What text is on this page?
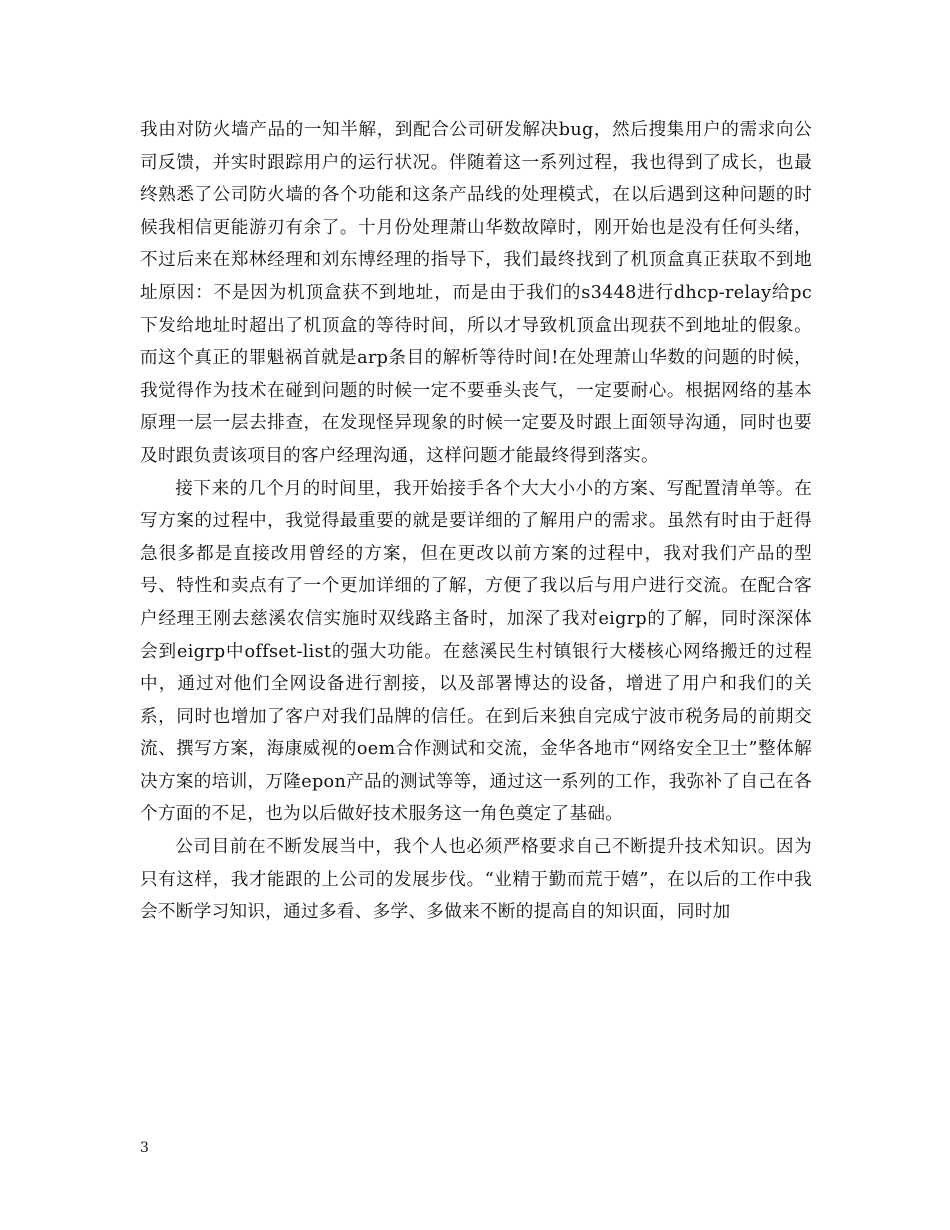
我由对防火墙产品的一知半解，到配合公司研发解决bug，然后搜集用户的需求向公司反馈，并实时跟踪用户的运行状况。伴随着这一系列过程，我也得到了成长，也最终熟悉了公司防火墙的各个功能和这条产品线的处理模式，在以后遇到这种问题的时候我相信更能游刃有余了。十月份处理萧山华数故障时，刚开始也是没有任何头绪，不过后来在郑林经理和刘东博经理的指导下，我们最终找到了机顶盒真正获取不到地址原因：不是因为机顶盒获不到地址，而是由于我们的s3448进行dhcp-relay给pc下发给地址时超出了机顶盒的等待时间，所以才导致机顶盒出现获不到地址的假象。而这个真正的罪魁祸首就是arp条目的解析等待时间!在处理萧山华数的问题的时候，我觉得作为技术在碰到问题的时候一定不要垂头丧气，一定要耐心。根据网络的基本原理一层一层去排查，在发现怪异现象的时候一定要及时跟上面领导沟通，同时也要及时跟负责该项目的客户经理沟通，这样问题才能最终得到落实。

接下来的几个月的时间里，我开始接手各个大大小小的方案、写配置清单等。在写方案的过程中，我觉得最重要的就是要详细的了解用户的需求。虽然有时由于赶得急很多都是直接改用曾经的方案，但在更改以前方案的过程中，我对我们产品的型号、特性和卖点有了一个更加详细的了解，方便了我以后与用户进行交流。在配合客户经理王刚去慈溪农信实施时双线路主备时，加深了我对eigrp的了解，同时深深体会到eigrp中offset-list的强大功能。在慈溪民生村镇银行大楼核心网络搬迁的过程中，通过对他们全网设备进行割接，以及部署博达的设备，增进了用户和我们的关系，同时也增加了客户对我们品牌的信任。在到后来独自完成宁波市税务局的前期交流、撰写方案，海康威视的oem合作测试和交流，金华各地市“网络安全卫士”整体解决方案的培训，万隆epon产品的测试等等，通过这一系列的工作，我弥补了自己在各个方面的不足，也为以后做好技术服务这一角色奠定了基础。

公司目前在不断发展当中，我个人也必须严格要求自己不断提升技术知识。因为只有这样，我才能跟的上公司的发展步伐。“业精于勤而荒于嬉”，在以后的工作中我会不断学习知识，通过多看、多学、多做来不断的提高自的知识面，同时加

3
